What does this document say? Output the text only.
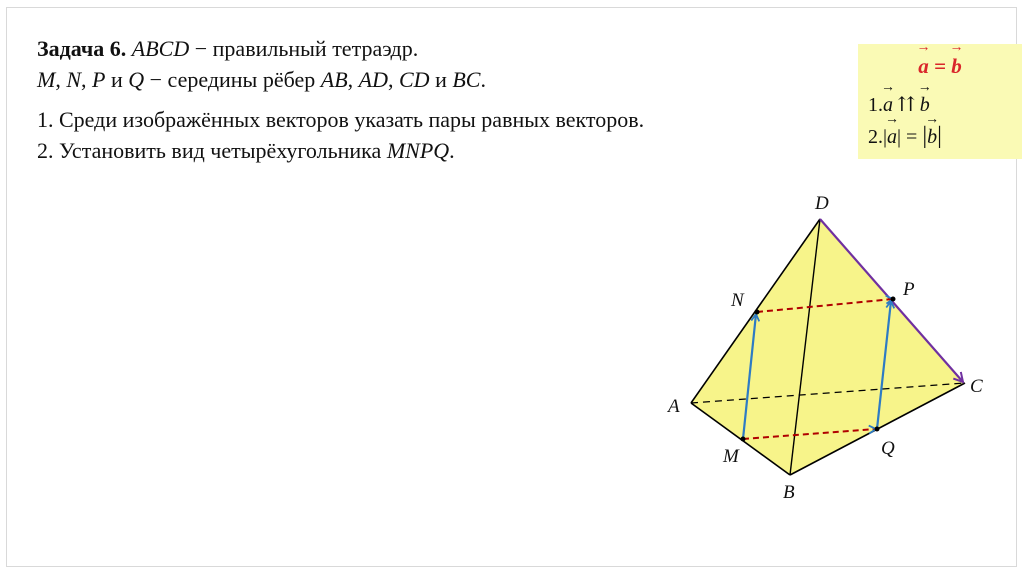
Задача 6. ABCD − правильный тетраэдр.
M, N, P и Q − середины рёбер AB, AD, CD и BC.
1. Среди изображённых векторов указать пары равных векторов.
2. Установить вид четырёхугольника MNPQ.
→ a = → b
1.→ a ⇈ → b
2.|→ a| = |→ b|
D
P
N
A
C
Q
M
B
